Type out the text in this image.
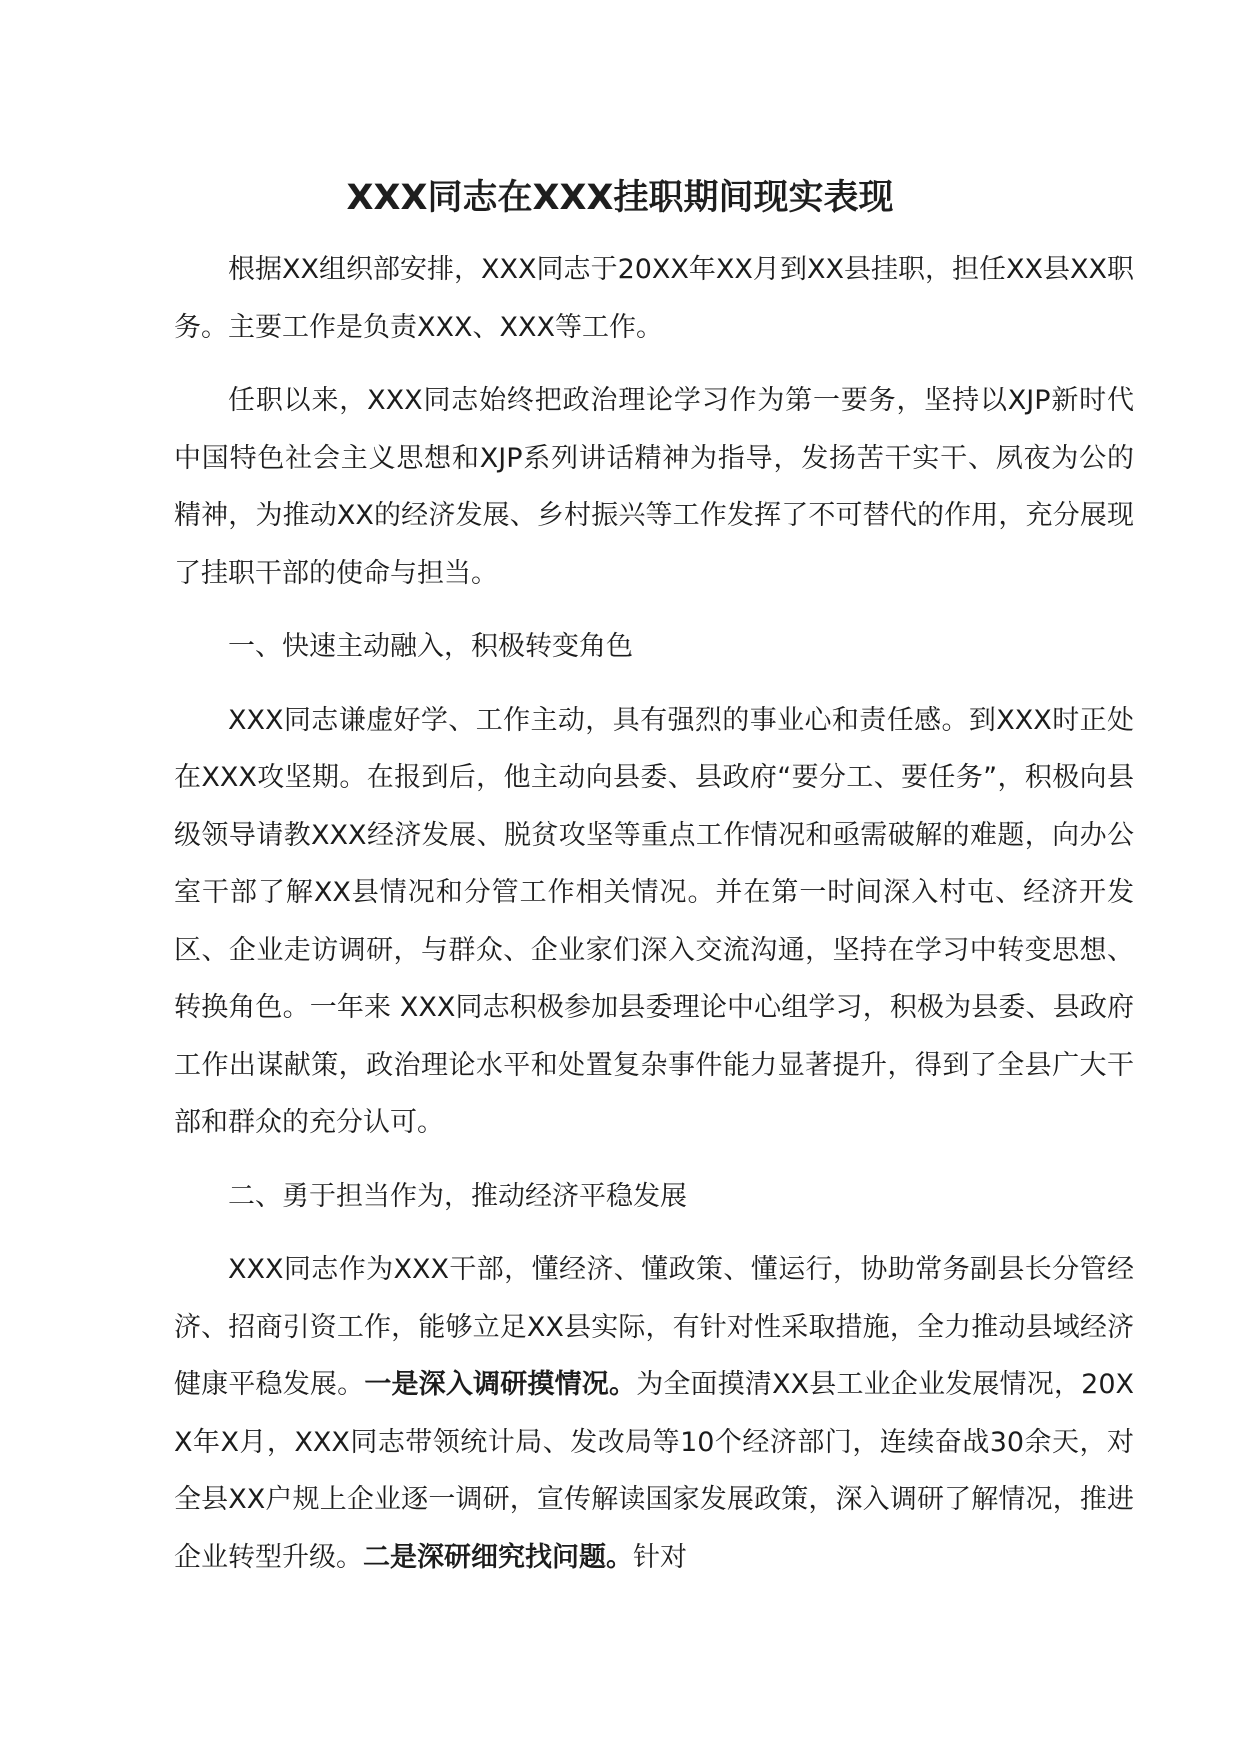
XXX同志在XXX挂职期间现实表现

根据XX组织部安排，XXX同志于20XX年XX月到XX县挂职，担任XX县XX职务。主要工作是负责XXX、XXX等工作。

任职以来，XXX同志始终把政治理论学习作为第一要务，坚持以XJP新时代中国特色社会主义思想和XJP系列讲话精神为指导，发扬苦干实干、夙夜为公的精神，为推动XX的经济发展、乡村振兴等工作发挥了不可替代的作用，充分展现了挂职干部的使命与担当。

一、快速主动融入，积极转变角色

XXX同志谦虚好学、工作主动，具有强烈的事业心和责任感。到XXX时正处在XXX攻坚期。在报到后，他主动向县委、县政府“要分工、要任务”，积极向县级领导请教XXX经济发展、脱贫攻坚等重点工作情况和亟需破解的难题，向办公室干部了解XX县情况和分管工作相关情况。并在第一时间深入村屯、经济开发区、企业走访调研，与群众、企业家们深入交流沟通，坚持在学习中转变思想、转换角色。一年来 XXX同志积极参加县委理论中心组学习，积极为县委、县政府工作出谋献策，政治理论水平和处置复杂事件能力显著提升，得到了全县广大干部和群众的充分认可。

二、勇于担当作为，推动经济平稳发展

XXX同志作为XXX干部，懂经济、懂政策、懂运行，协助常务副县长分管经济、招商引资工作，能够立足XX县实际，有针对性采取措施，全力推动县域经济健康平稳发展。一是深入调研摸情况。为全面摸清XX县工业企业发展情况，20XX年X月，XXX同志带领统计局、发改局等10个经济部门，连续奋战30余天，对全县XX户规上企业逐一调研，宣传解读国家发展政策，深入调研了解情况，推进企业转型升级。二是深研细究找问题。针对
